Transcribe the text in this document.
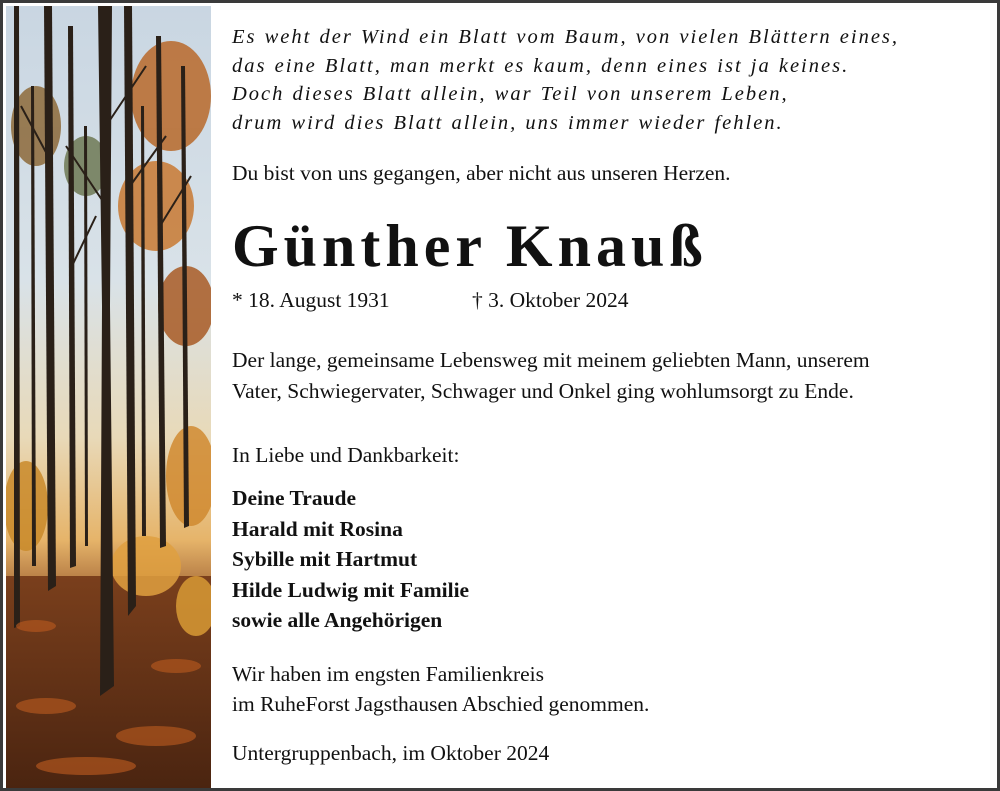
Es weht der Wind ein Blatt vom Baum, von vielen Blättern eines,
das eine Blatt, man merkt es kaum, denn eines ist ja keines.
Doch dieses Blatt allein, war Teil von unserem Leben,
drum wird dies Blatt allein, uns immer wieder fehlen.
Du bist von uns gegangen, aber nicht aus unseren Herzen.
Günther Knauß
* 18. August 1931	† 3. Oktober 2024
Der lange, gemeinsame Lebensweg mit meinem geliebten Mann, unserem
Vater, Schwiegervater, Schwager und Onkel ging wohlumsorgt zu Ende.
In Liebe und Dankbarkeit:
Deine Traude
Harald mit Rosina
Sybille mit Hartmut
Hilde Ludwig mit Familie
sowie alle Angehörigen
Wir haben im engsten Familienkreis
im RuheForst Jagsthausen Abschied genommen.
Untergruppenbach, im Oktober 2024
